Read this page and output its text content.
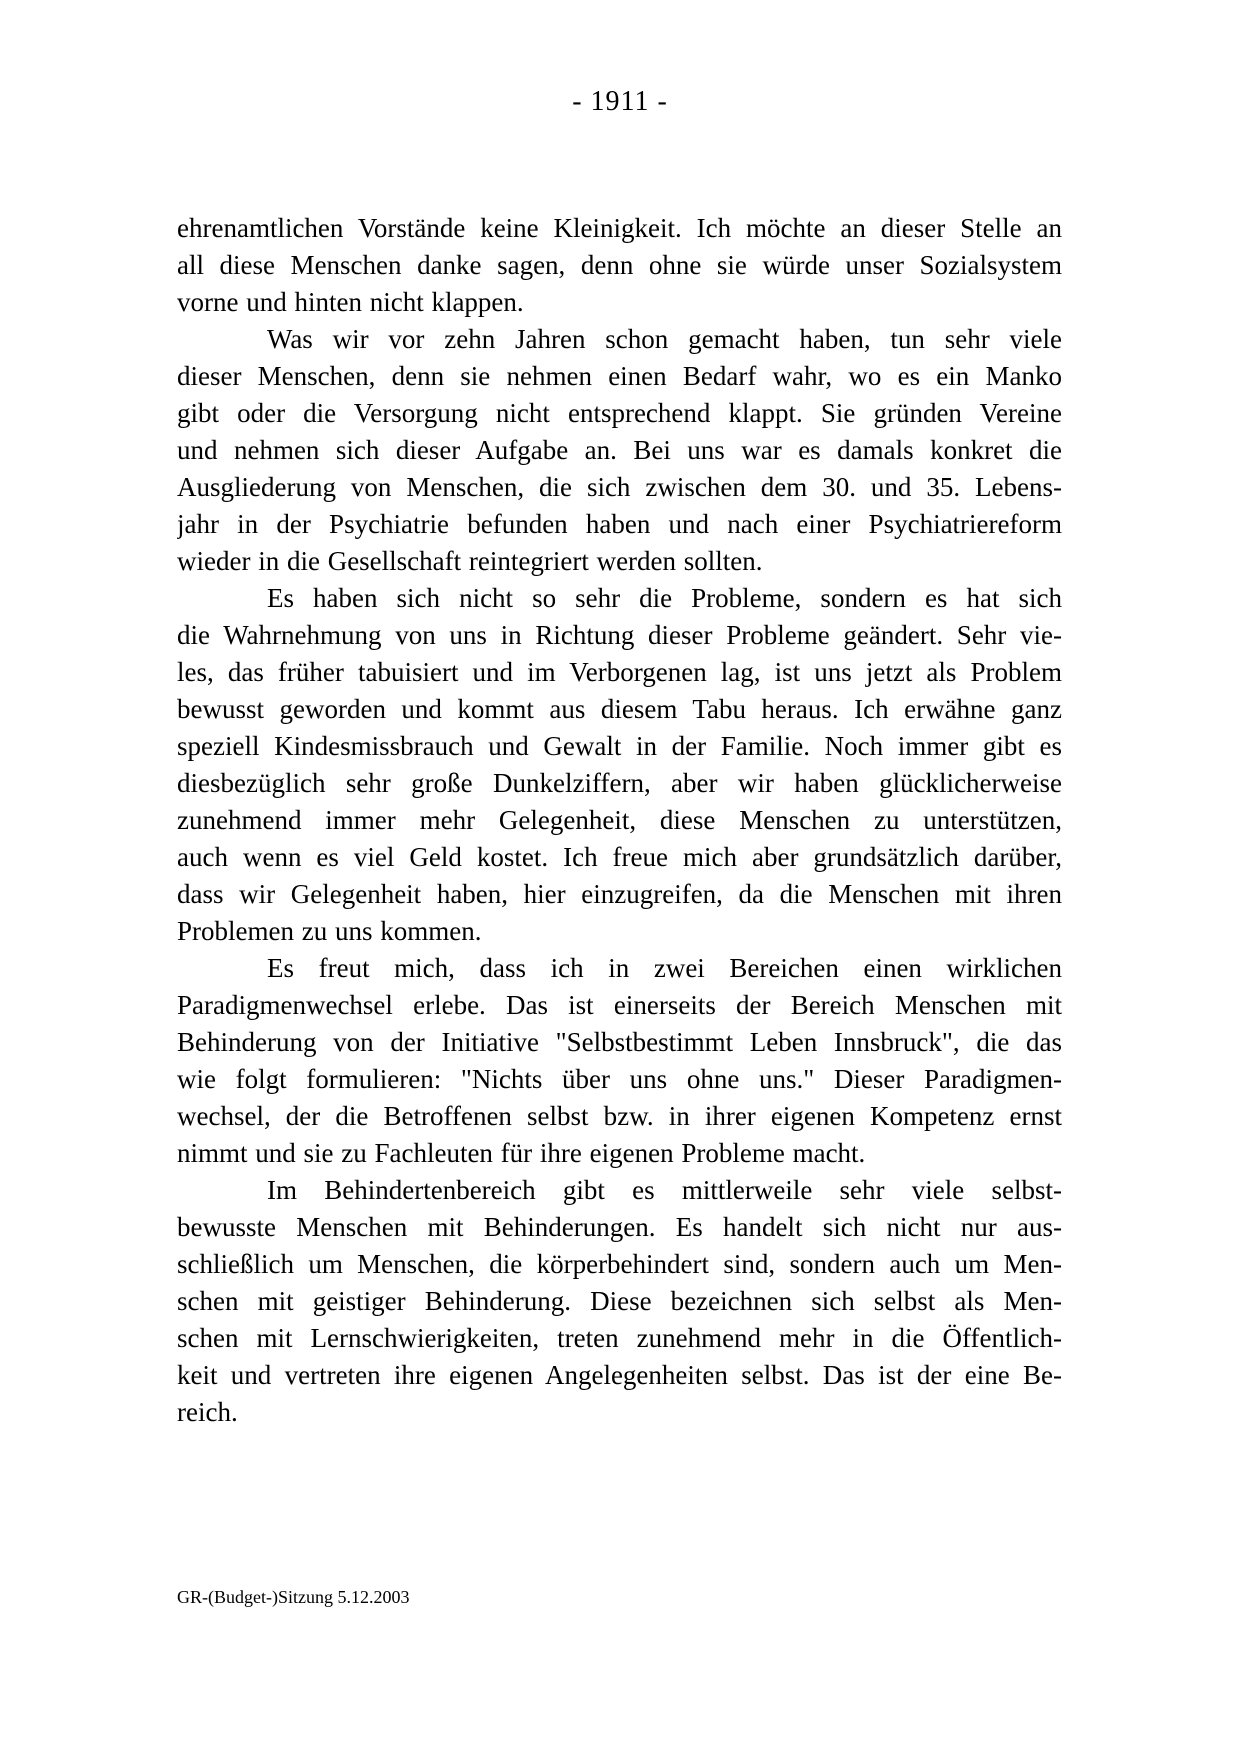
- 1911 -
ehrenamtlichen Vorstände keine Kleinigkeit. Ich möchte an dieser Stelle an
all diese Menschen danke sagen, denn ohne sie würde unser Sozialsystem
vorne und hinten nicht klappen.
Was wir vor zehn Jahren schon gemacht haben, tun sehr viele
dieser Menschen, denn sie nehmen einen Bedarf wahr, wo es ein Manko
gibt oder die Versorgung nicht entsprechend klappt. Sie gründen Vereine
und nehmen sich dieser Aufgabe an. Bei uns war es damals konkret die
Ausgliederung von Menschen, die sich zwischen dem 30. und 35. Lebens-
jahr in der Psychiatrie befunden haben und nach einer Psychiatriereform
wieder in die Gesellschaft reintegriert werden sollten.
Es haben sich nicht so sehr die Probleme, sondern es hat sich
die Wahrnehmung von uns in Richtung dieser Probleme geändert. Sehr vie-
les, das früher tabuisiert und im Verborgenen lag, ist uns jetzt als Problem
bewusst geworden und kommt aus diesem Tabu heraus. Ich erwähne ganz
speziell Kindesmissbrauch und Gewalt in der Familie. Noch immer gibt es
diesbezüglich sehr große Dunkelziffern, aber wir haben glücklicherweise
zunehmend immer mehr Gelegenheit, diese Menschen zu unterstützen,
auch wenn es viel Geld kostet. Ich freue mich aber grundsätzlich darüber,
dass wir Gelegenheit haben, hier einzugreifen, da die Menschen mit ihren
Problemen zu uns kommen.
Es freut mich, dass ich in zwei Bereichen einen wirklichen
Paradigmenwechsel erlebe. Das ist einerseits der Bereich Menschen mit
Behinderung von der Initiative "Selbstbestimmt Leben Innsbruck", die das
wie folgt formulieren: "Nichts über uns ohne uns." Dieser Paradigmen-
wechsel, der die Betroffenen selbst bzw. in ihrer eigenen Kompetenz ernst
nimmt und sie zu Fachleuten für ihre eigenen Probleme macht.
Im Behindertenbereich gibt es mittlerweile sehr viele selbst-
bewusste Menschen mit Behinderungen. Es handelt sich nicht nur aus-
schließlich um Menschen, die körperbehindert sind, sondern auch um Men-
schen mit geistiger Behinderung. Diese bezeichnen sich selbst als Men-
schen mit Lernschwierigkeiten, treten zunehmend mehr in die Öffentlich-
keit und vertreten ihre eigenen Angelegenheiten selbst. Das ist der eine Be-
reich.
GR-(Budget-)Sitzung 5.12.2003
